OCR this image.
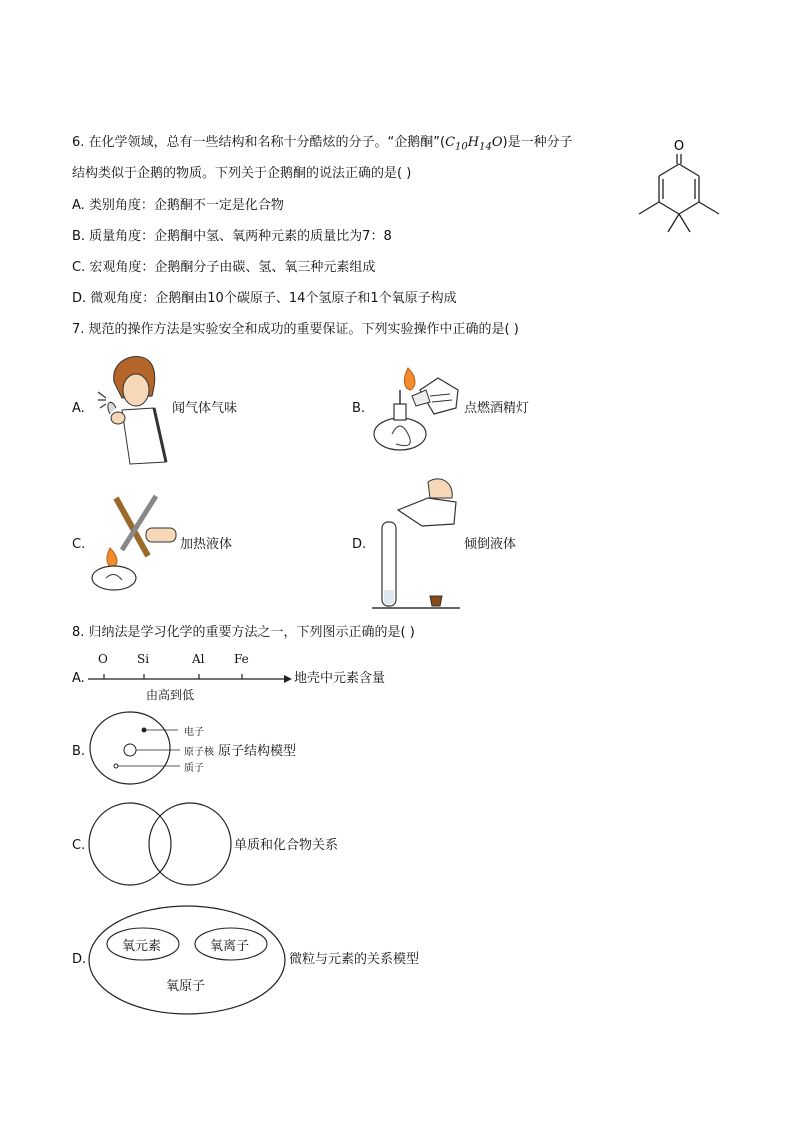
6. 在化学领域，总有一些结构和名称十分酷炫的分子。“企鹅酮$”(C_{10}H_{14}O)$是一种分子
结构类似于企鹅的物质。下列关于企鹅酮的说法正确的是( )
O
A. 类别角度：企鹅酮不一定是化合物
B. 质量角度：企鹅酮中氢、氧两种元素的质量比为7：8
C. 宏观角度：企鹅酮分子由碳、氢、氧三种元素组成
D. 微观角度：企鹅酮由10个碳原子、14个氢原子和1个氧原子构成
7. 规范的操作方法是实验安全和成功的重要保证。下列实验操作中正确的是( )
A.	闻气体气味	B.	点燃酒精灯
C.	加热液体	D.	倾倒液体
8. 归纳法是学习化学的重要方法之一，下列图示正确的是( )
A.
O Si	Al Fe
由高到低
地壳中元素含量
B.
电子
原子核
质子
原子结构模型
C.	单质和化合物关系
D.
氧元素	氧离子
氧原子
微粒与元素的关系模型
